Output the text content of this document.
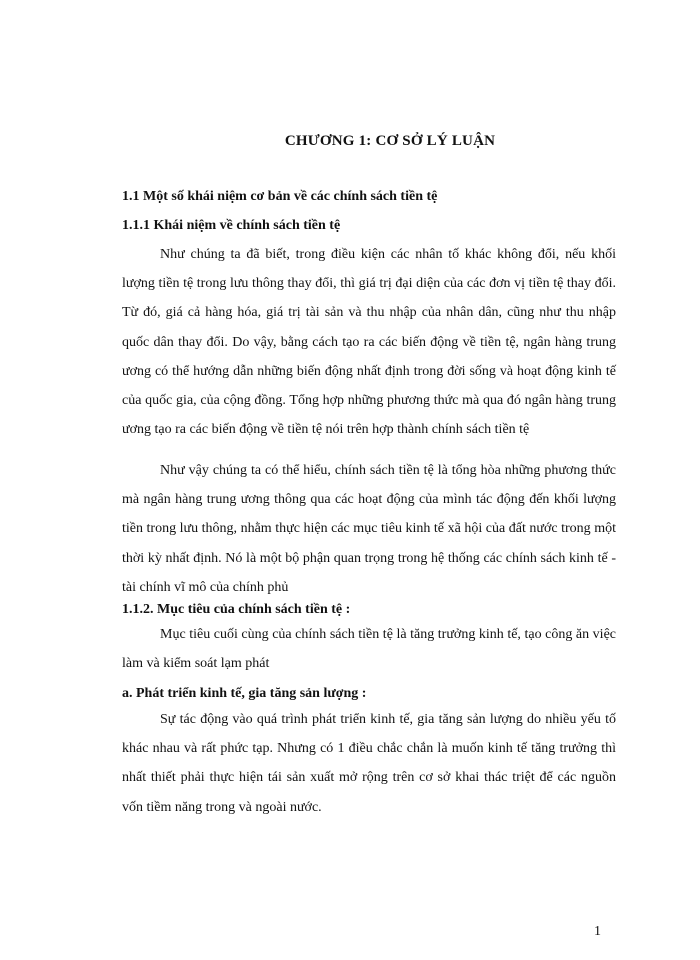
CHƯƠNG 1: CƠ SỞ LÝ LUẬN
1.1 Một số khái niệm cơ bản về các chính sách tiền tệ
1.1.1 Khái niệm về chính sách tiền tệ

Như chúng ta đã biết, trong điều kiện các nhân tố khác không đổi, nếu khối lượng tiền tệ trong lưu thông thay đổi, thì giá trị đại diện của các đơn vị tiền tệ thay đổi. Từ đó, giá cả hàng hóa, giá trị tài sản và thu nhập của nhân dân, cũng như thu nhập quốc dân thay đổi. Do vậy, bằng cách tạo ra các biến động về tiền tệ, ngân hàng trung ương có thể hướng dẫn những biến động nhất định trong đời sống và hoạt động kinh tế của quốc gia, của cộng đồng. Tổng hợp những phương thức mà qua đó ngân hàng trung ương tạo ra các biến động về tiền tệ nói trên hợp thành chính sách tiền tệ

Như vậy chúng ta có thể hiểu, chính sách tiền tệ là tổng hòa những phương thức mà ngân hàng trung ương thông qua các hoạt động của mình tác động đến khối lượng tiền trong lưu thông, nhằm thực hiện các mục tiêu kinh tế xã hội của đất nước trong một thời kỳ nhất định. Nó là một bộ phận quan trọng trong hệ thống các chính sách kinh tế - tài chính vĩ mô của chính phủ

1.1.2. Mục tiêu của chính sách tiền tệ :

Mục tiêu cuối cùng của chính sách tiền tệ là tăng trưởng kinh tế, tạo công ăn việc làm và kiểm soát lạm phát

a. Phát triển kinh tế, gia tăng sản lượng :

Sự tác động vào quá trình phát triển kinh tế, gia tăng sản lượng do nhiều yếu tố khác nhau và rất phức tạp. Nhưng có 1 điều chắc chắn là muốn kinh tế tăng trưởng thì nhất thiết phải thực hiện tái sản xuất mở rộng trên cơ sở khai thác triệt để các nguồn vốn tiềm năng trong và ngoài nước.

1
